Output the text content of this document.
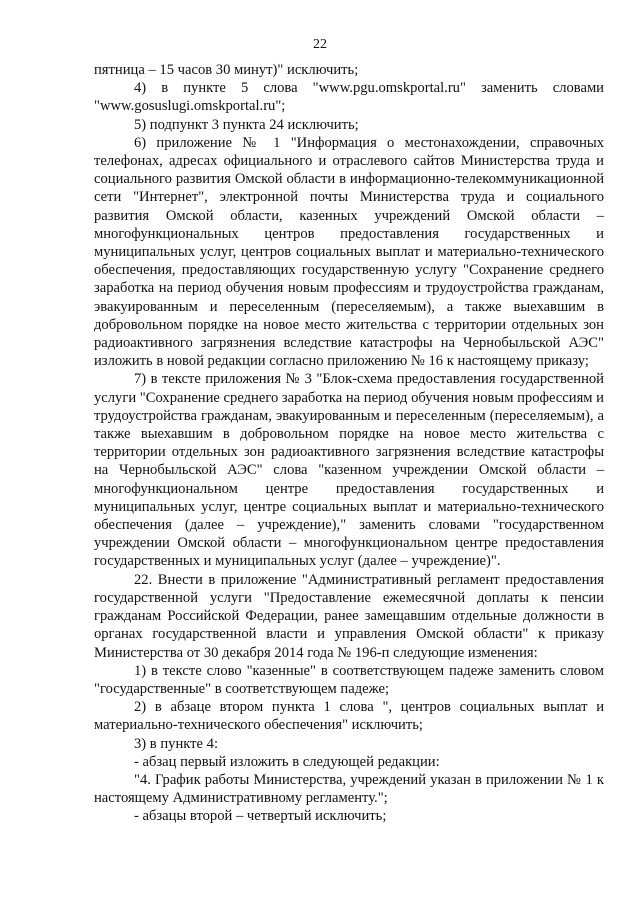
22

пятница – 15 часов 30 минут)" исключить;

4) в пункте 5 слова "www.pgu.omskportal.ru" заменить словами "www.gosuslugi.omskportal.ru";

5) подпункт 3 пункта 24 исключить;

6) приложение № 1 "Информация о местонахождении, справочных телефонах, адресах официального и отраслевого сайтов Министерства труда и социального развития Омской области в информационно-телекоммуникационной сети "Интернет", электронной почты Министерства труда и социального развития Омской области, казенных учреждений Омской области – многофункциональных центров предоставления государственных и муниципальных услуг, центров социальных выплат и материально-технического обеспечения, предоставляющих государственную услугу "Сохранение среднего заработка на период обучения новым профессиям и трудоустройства гражданам, эвакуированным и переселенным (переселяемым), а также выехавшим в добровольном порядке на новое место жительства с территории отдельных зон радиоактивного загрязнения вследствие катастрофы на Чернобыльской АЭС" изложить в новой редакции согласно приложению № 16 к настоящему приказу;

7) в тексте приложения № 3 "Блок-схема предоставления государственной услуги "Сохранение среднего заработка на период обучения новым профессиям и трудоустройства гражданам, эвакуированным и переселенным (переселяемым), а также выехавшим в добровольном порядке на новое место жительства с территории отдельных зон радиоактивного загрязнения вследствие катастрофы на Чернобыльской АЭС" слова "казенном учреждении Омской области – многофункциональном центре предоставления государственных и муниципальных услуг, центре социальных выплат и материально-технического обеспечения (далее – учреждение)," заменить словами "государственном учреждении Омской области – многофункциональном центре предоставления государственных и муниципальных услуг (далее – учреждение)".

22. Внести в приложение "Административный регламент предоставления государственной услуги "Предоставление ежемесячной доплаты к пенсии гражданам Российской Федерации, ранее замещавшим отдельные должности в органах государственной власти и управления Омской области" к приказу Министерства от 30 декабря 2014 года № 196-п следующие изменения:

1) в тексте слово "казенные" в соответствующем падеже заменить словом "государственные" в соответствующем падеже;

2) в абзаце втором пункта 1 слова ", центров социальных выплат и материально-технического обеспечения" исключить;

3) в пункте 4:

- абзац первый изложить в следующей редакции:

"4. График работы Министерства, учреждений указан в приложении № 1 к настоящему Административному регламенту.";

- абзацы второй – четвертый исключить;
